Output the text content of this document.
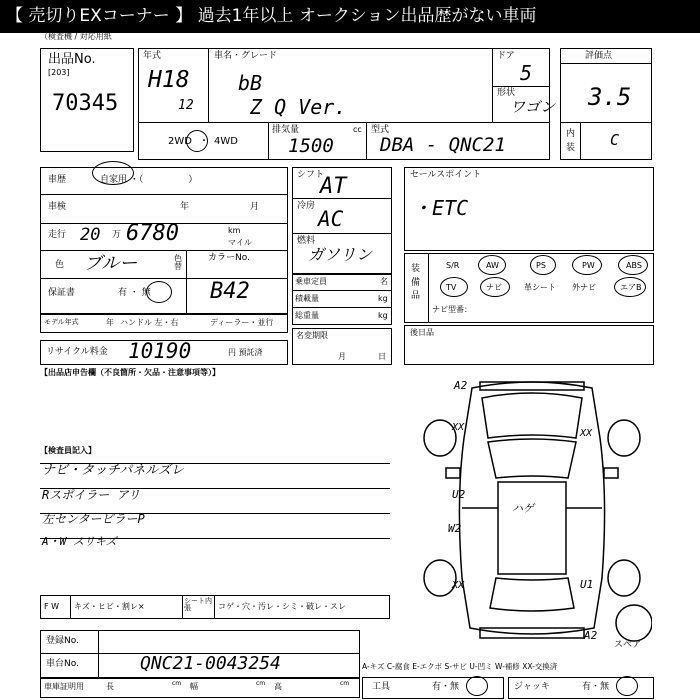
【 売切りEXコーナー 】 過去1年以上 オークション出品歴がない車両
（検査機 / 対応用紙
出品No.
[203]
70345
年式
H18
12
車名・グレード
bB
Z Q Ver.
ドア
5
形状
ワゴン
2WD ・ 4WD
排気量	cc
1500
型式
DBA - QNC21
評価点
3.5
内装 C
車歴	自家用 ・（　　　　　）
車検	年	月
走行 20 万 6780	km
マイル
色 ブルー	色替
カラーNo.
B42
保証書	有 ・ 無
モデル年式	年 ハンドル 左・右	ディーラー・並行
リサイクル料金 10190	円 預託済
シフト
AT
冷房
AC
燃料
ガソリン
乗車定員	名
積載量	kg
総重量	kg
名変期限
月	日
セールスポイント
・ETC
装備品
S/R	AW	PS	PW	ABS
TV	ナビ	革シート 外ナビ	エアB
ナビ型番：
後日品
【出品店申告欄（不良箇所・欠品・注意事項等）】
【検査員記入】
ナビ・タッチパネルズレ
Rスポイラー アリ
左センターピラーP
A・W スリキズ
A2
XX
XX
U2
W2
ハゲ
XX	U1
A2
スペア
F W キズ・ヒビ・割レ×
シート内張	コゲ・穴・汚レ・シミ・破レ・スレ
登録No.
車台No.	QNC21-0043254
車庫証明用	長	cm 幅	cm 高	cm
A-キズ C-腐食 E-エクボ S-サビ U-凹ミ W-補修 XX-交換済
工具	有・無	ジャッキ	有・無
